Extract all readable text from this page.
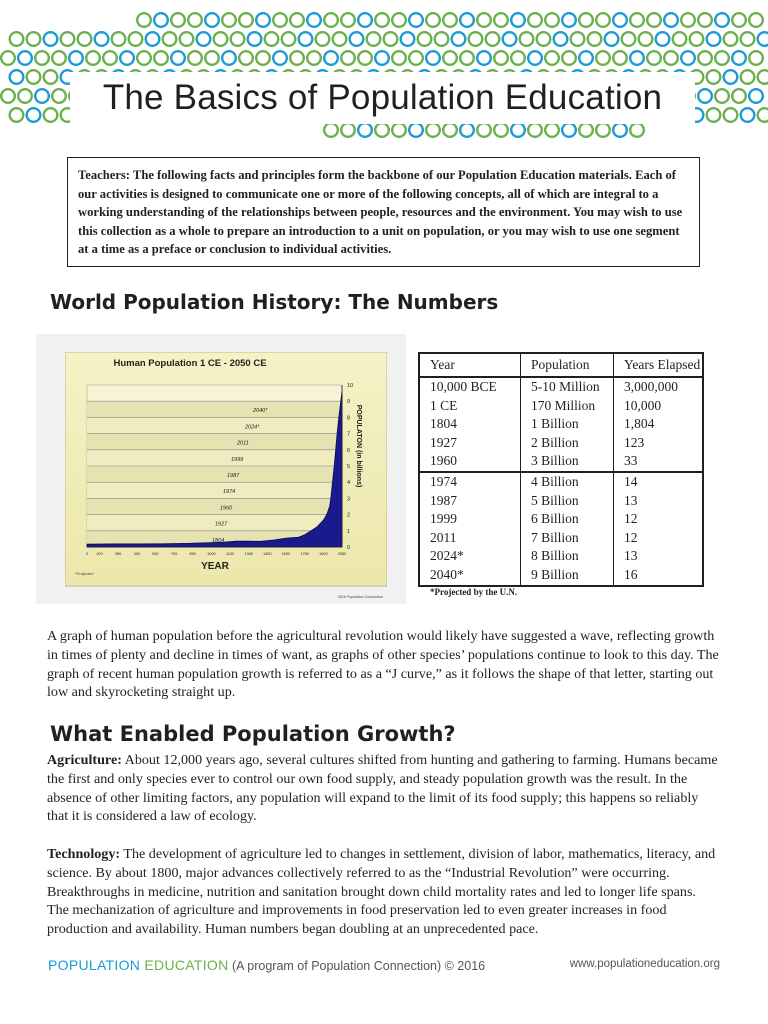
The Basics of Population Education
Teachers: The following facts and principles form the backbone of our Population Education materials. Each of our activities is designed to communicate one or more of the following concepts, all of which are integral to a working understanding of the relationships between people, resources and the environment. You may wish to use this collection as a whole to prepare an introduction to a unit on population, or you may wish to use one segment at a time as a preface or conclusion to individual activities.
World Population History: The Numbers
Human Population 1 CE - 2050 CE
2040*
2024*
2011
1999
1987
1974
1960
1927
1804
0
1
2
3
4
5
6
7
8
9
10
POPULATON (in billions)
0 100	250	400	550	700	850	1000	1150	1300	1450	1600	1750	1900	2050
YEAR
*Projected
2016 Population Connection
Year	Population	Years Elapsed
10,000 BCE	5-10 Million	3,000,000
1 CE	170 Million	10,000
1804	1 Billion	1,804
1927	2 Billion	123
1960	3 Billion	33
1974	4 Billion	14
1987	5 Billion	13
1999	6 Billion	12
2011	7 Billion	12
2024*	8 Billion	13
2040*	9 Billion	16
*Projected by the U.N.

A graph of human population before the agricultural revolution would likely have suggested a wave, reflecting growth in times of plenty and decline in times of want, as graphs of other species’ populations continue to look to this day. The graph of recent human population growth is referred to as a “J curve,” as it follows the shape of that letter, starting out low and skyrocketing straight up.

What Enabled Population Growth?

Agriculture: About 12,000 years ago, several cultures shifted from hunting and gathering to farming. Humans became the first and only species ever to control our own food supply, and steady population growth was the result. In the absence of other limiting factors, any population will expand to the limit of its food supply; this happens so reliably that it is considered a law of ecology.

Technology: The development of agriculture led to changes in settlement, division of labor, mathematics, literacy, and science. By about 1800, major advances collectively referred to as the “Industrial Revolution” were occurring. Breakthroughs in medicine, nutrition and sanitation brought down child mortality rates and led to longer life spans. The mechanization of agriculture and improvements in food preservation led to even greater increases in food production and availability. Human numbers began doubling at an unprecedented pace.

POPULATION EDUCATION (A program of Population Connection) © 2016	www.populationeducation.org
